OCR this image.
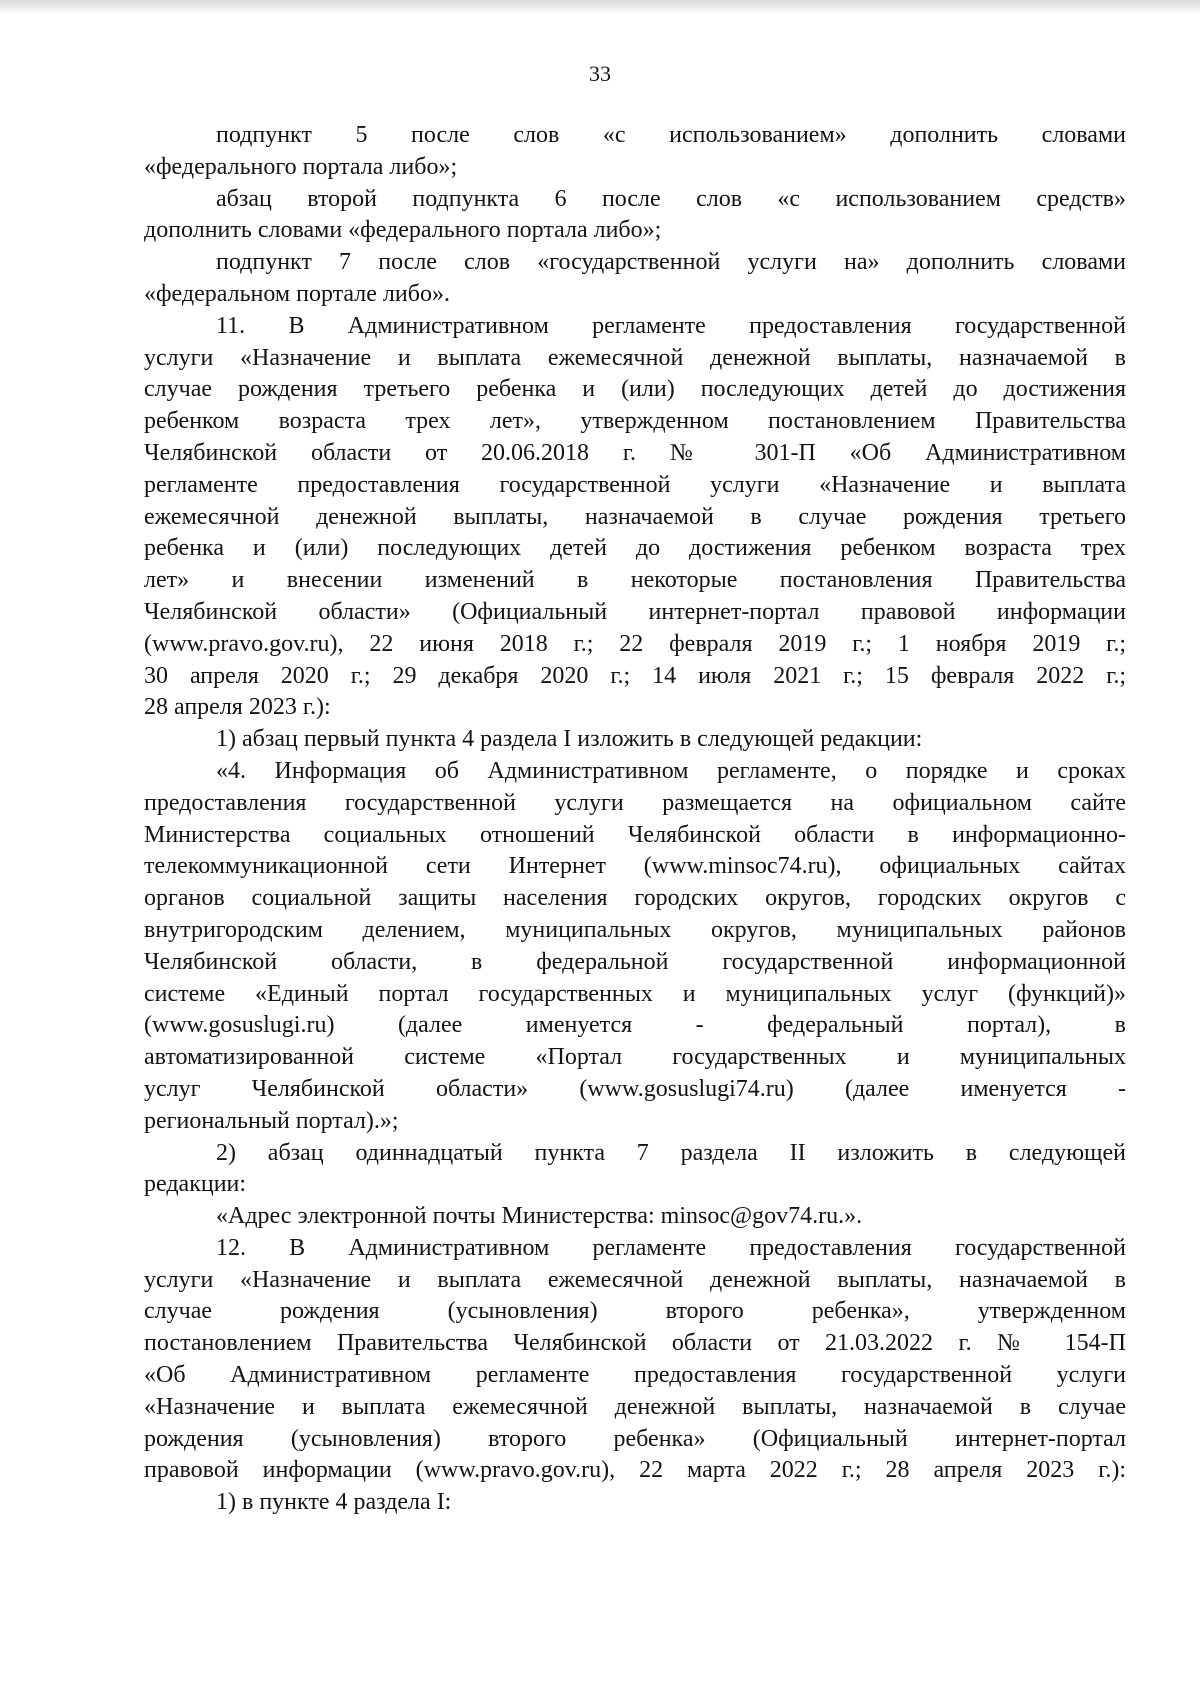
33

подпункт 5 после слов «с использованием» дополнить словами
«федерального портала либо»;
абзац второй подпункта 6 после слов «с использованием средств»
дополнить словами «федерального портала либо»;
подпункт 7 после слов «государственной услуги на» дополнить словами
«федеральном портале либо».
11. В Административном регламенте предоставления государственной
услуги «Назначение и выплата ежемесячной денежной выплаты, назначаемой в
случае рождения третьего ребенка и (или) последующих детей до достижения
ребенком возраста трех лет», утвержденном постановлением Правительства
Челябинской области от 20.06.2018 г. № 301-П «Об Административном
регламенте предоставления государственной услуги «Назначение и выплата
ежемесячной денежной выплаты, назначаемой в случае рождения третьего
ребенка и (или) последующих детей до достижения ребенком возраста трех
лет» и внесении изменений в некоторые постановления Правительства
Челябинской области» (Официальный интернет-портал правовой информации
(www.pravo.gov.ru), 22 июня 2018 г.; 22 февраля 2019 г.; 1 ноября 2019 г.;
30 апреля 2020 г.; 29 декабря 2020 г.; 14 июля 2021 г.; 15 февраля 2022 г.;
28 апреля 2023 г.):
1) абзац первый пункта 4 раздела I изложить в следующей редакции:
«4. Информация об Административном регламенте, о порядке и сроках
предоставления государственной услуги размещается на официальном сайте
Министерства социальных отношений Челябинской области в информационно-
телекоммуникационной сети Интернет (www.minsoc74.ru), официальных сайтах
органов социальной защиты населения городских округов, городских округов с
внутригородским делением, муниципальных округов, муниципальных районов
Челябинской области, в федеральной государственной информационной
системе «Единый портал государственных и муниципальных услуг (функций)»
(www.gosuslugi.ru) (далее именуется - федеральный портал), в
автоматизированной системе «Портал государственных и муниципальных
услуг Челябинской области» (www.gosuslugi74.ru) (далее именуется -
региональный портал).»;
2) абзац одиннадцатый пункта 7 раздела II изложить в следующей
редакции:
«Адрес электронной почты Министерства: minsoc@gov74.ru.».
12. В Административном регламенте предоставления государственной
услуги «Назначение и выплата ежемесячной денежной выплаты, назначаемой в
случае рождения (усыновления) второго ребенка», утвержденном
постановлением Правительства Челябинской области от 21.03.2022 г. № 154-П
«Об Административном регламенте предоставления государственной услуги
«Назначение и выплата ежемесячной денежной выплаты, назначаемой в случае
рождения (усыновления) второго ребенка» (Официальный интернет-портал
правовой информации (www.pravo.gov.ru), 22 марта 2022 г.; 28 апреля 2023 г.):
1) в пункте 4 раздела I:
